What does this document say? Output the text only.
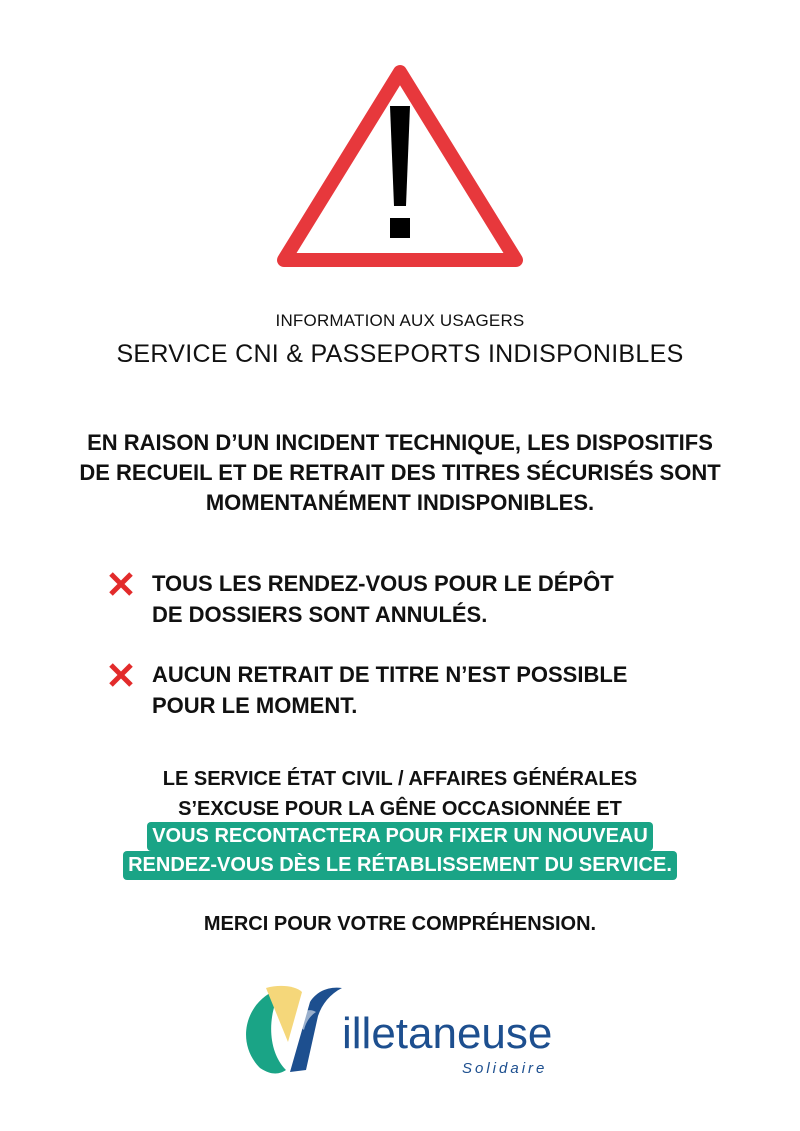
INFORMATION AUX USAGERS
SERVICE CNI & PASSEPORTS INDISPONIBLES
EN RAISON D’UN INCIDENT TECHNIQUE, LES DISPOSITIFS
DE RECUEIL ET DE RETRAIT DES TITRES SÉCURISÉS SONT
MOMENTANÉMENT INDISPONIBLES.
TOUS LES RENDEZ-VOUS POUR LE DÉPÔT
DE DOSSIERS SONT ANNULÉS.
AUCUN RETRAIT DE TITRE N’EST POSSIBLE
POUR LE MOMENT.
LE SERVICE ÉTAT CIVIL / AFFAIRES GÉNÉRALES
S’EXCUSE POUR LA GÊNE OCCASIONNÉE ET
VOUS RECONTACTERA POUR FIXER UN NOUVEAU
RENDEZ-VOUS DÈS LE RÉTABLISSEMENT DU SERVICE.
MERCI POUR VOTRE COMPRÉHENSION.
illetaneuse
Solidaire
